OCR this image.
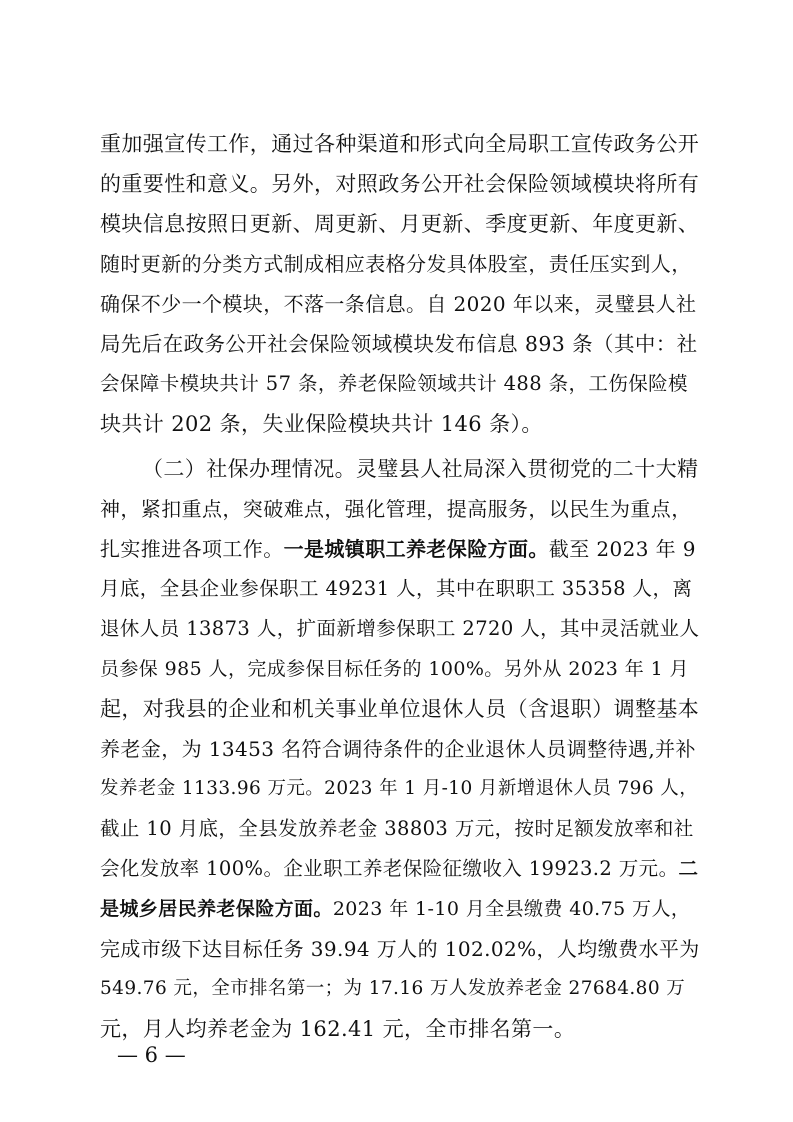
重加强宣传工作，通过各种渠道和形式向全局职工宣传政务公开
的重要性和意义。另外，对照政务公开社会保险领域模块将所有
模块信息按照日更新、周更新、月更新、季度更新、年度更新、
随时更新的分类方式制成相应表格分发具体股室，责任压实到人，
确保不少一个模块，不落一条信息。自 2020 年以来，灵璧县人社
局先后在政务公开社会保险领域模块发布信息 893 条（其中：社
会保障卡模块共计 57 条，养老保险领域共计 488 条，工伤保险模
块共计 202 条，失业保险模块共计 146 条）。
（二）社保办理情况。灵璧县人社局深入贯彻党的二十大精
神，紧扣重点，突破难点，强化管理，提高服务，以民生为重点，
扎实推进各项工作。一是城镇职工养老保险方面。截至 2023 年 9
月底，全县企业参保职工 49231 人，其中在职职工 35358 人，离
退休人员 13873 人，扩面新增参保职工 2720 人，其中灵活就业人
员参保 985 人，完成参保目标任务的 100%。另外从 2023 年 1 月
起，对我县的企业和机关事业单位退休人员（含退职）调整基本
养老金，为 13453 名符合调待条件的企业退休人员调整待遇,并补
发养老金 1133.96 万元。2023 年 1 月-10 月新增退休人员 796 人，
截止 10 月底，全县发放养老金 38803 万元，按时足额发放率和社
会化发放率 100%。企业职工养老保险征缴收入 19923.2 万元。二
是城乡居民养老保险方面。2023 年 1-10 月全县缴费 40.75 万人，
完成市级下达目标任务 39.94 万人的 102.02%，人均缴费水平为
549.76 元，全市排名第一；为 17.16 万人发放养老金 27684.80 万
元，月人均养老金为 162.41 元，全市排名第一。
— 6 —
